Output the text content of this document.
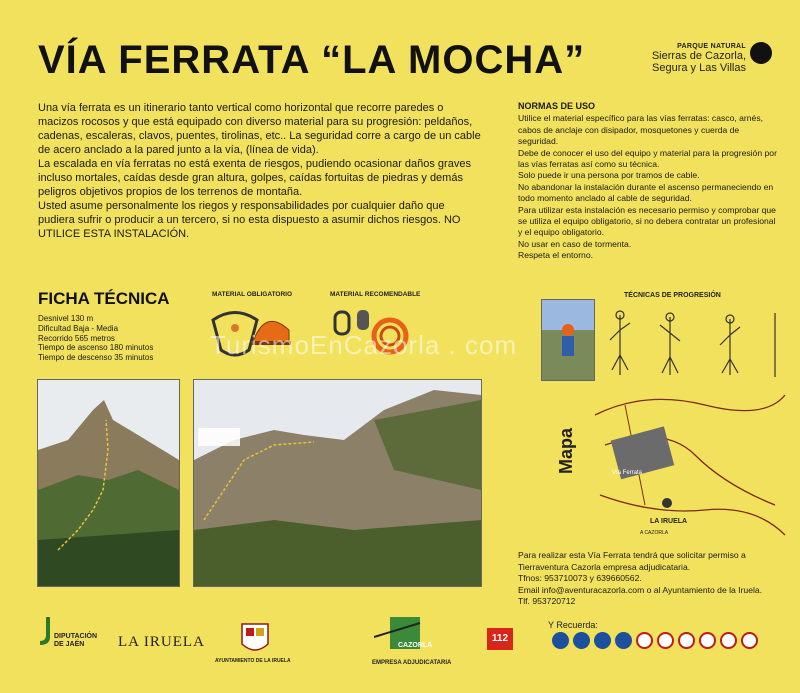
VÍA FERRATA “LA MOCHA”	PARQUE NATURAL
Sierras de Cazorla,
Segura y Las Villas

Una vía ferrata es un itinerario tanto vertical como horizontal que recorre paredes o macizos rocosos y que está equipado con diverso material para su progresión: peldaños, cadenas, escaleras, clavos, puentes, tirolinas, etc.. La seguridad corre a cargo de un cable de acero anclado a la pared junto a la vía, (línea de vida).

La escalada en vía ferratas no está exenta de riesgos, pudiendo ocasionar daños graves incluso mortales, caídas desde gran altura, golpes, caídas fortuitas de piedras y demás peligros objetivos propios de los terrenos de montaña.

Usted asume personalmente los riegos y responsabilidades por cualquier daño que pudiera sufrir o producir a un tercero, si no esta dispuesto a asumir dichos riesgos. NO UTILICE ESTA INSTALACIÓN.

NORMAS DE USO

Utilice el material específico para las vías ferratas: casco, arnés, cabos de anclaje con disipador, mosquetones y cuerda de seguridad.

Debe de conocer el uso del equipo y material para la progresión por las vías ferratas así como su técnica.

Solo puede ir una persona por tramos de cable.

No abandonar la instalación durante el ascenso permaneciendo en todo momento anclado al cable de seguridad.

Para utilizar esta instalación es necesario permiso y comprobar que se utiliza el equipo obligatorio, si no debera contratar un profesional y el equipo obligatorio.

No usar en caso de tormenta.

Respeta el entorno.

FICHA TÉCNICA
Desnivel 130 m
Dificultad Baja - Media
Recorrido 565 metros
Tiempo de ascenso 180 minutos
Tiempo de descenso 35 minutos
MATERIAL OBLIGATORIO	MATERIAL RECOMENDABLE
TurismoEnCazorla . com
TÉCNICAS DE PROGRESIÓN
Vía Ferrata
LA IRUELA
A CAZORLA
Mapa

Para realizar esta Vía Ferrata tendrá que solicitar permiso a Tierraventura Cazorla empresa adjudicataria.

Tfnos: 953710073 y 639660562.

Email info@aventuracazorla.com o al Ayuntamiento de la Iruela.

Tlf. 953720712

DIPUTACIÓN DE JAÉN	LA IRUELA
AYUNTAMIENTO DE LA IRUELA
CAZORLA
EMPRESA ADJUDICATARIA
112
Y Recuerda:
